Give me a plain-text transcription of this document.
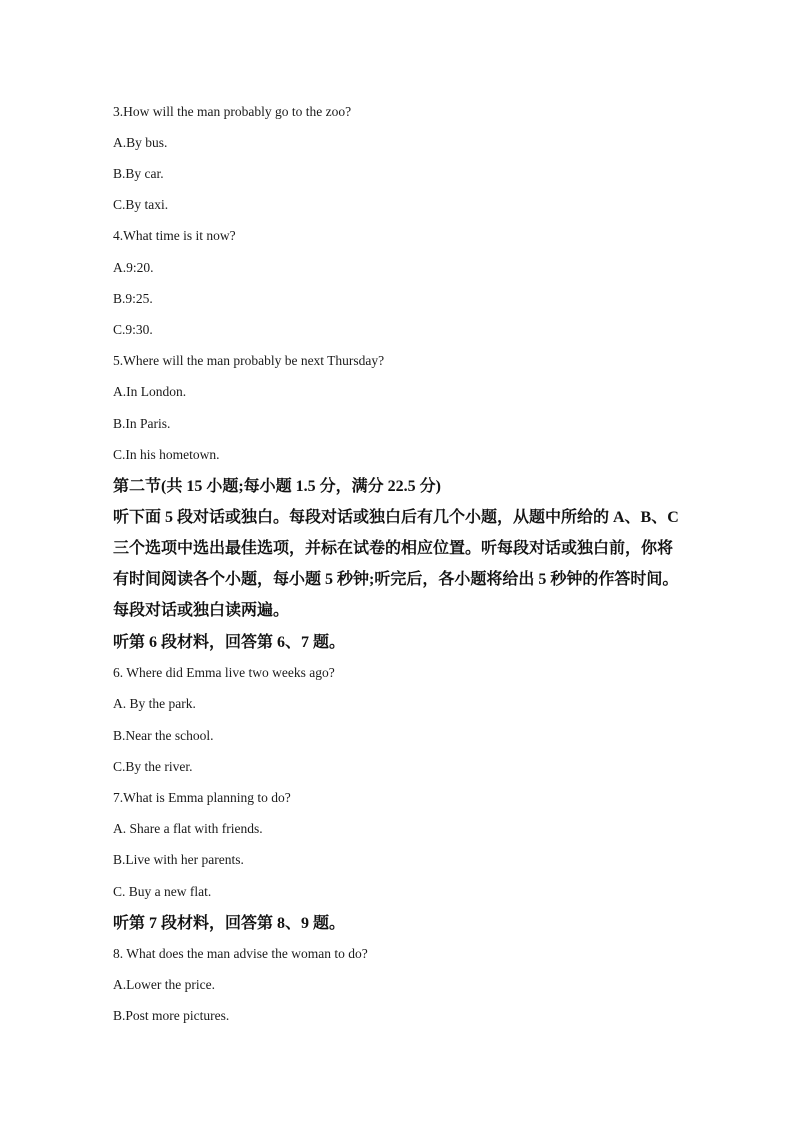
3.How will the man probably go to the zoo?
A.By bus.
B.By car.
C.By taxi.
4.What time is it now?
A.9:20.
B.9:25.
C.9:30.
5.Where will the man probably be next Thursday?
A.In London.
B.In Paris.
C.In his hometown.
第二节(共 15 小题;每小题 1.5 分，满分 22.5 分)
听下面 5 段对话或独白。每段对话或独白后有几个小题，从题中所给的 A、B、C
三个选项中选出最佳选项，并标在试卷的相应位置。听每段对话或独白前，你将
有时间阅读各个小题，每小题 5 秒钟;听完后，各小题将给出 5 秒钟的作答时间。
每段对话或独白读两遍。
听第 6 段材料，回答第 6、7 题。
6. Where did Emma live two weeks ago?
A. By the park.
B.Near the school.
C.By the river.
7.What is Emma planning to do?
A. Share a flat with friends.
B.Live with her parents.
C. Buy a new flat.
听第 7 段材料，回答第 8、9 题。
8. What does the man advise the woman to do?
A.Lower the price.
B.Post more pictures.
